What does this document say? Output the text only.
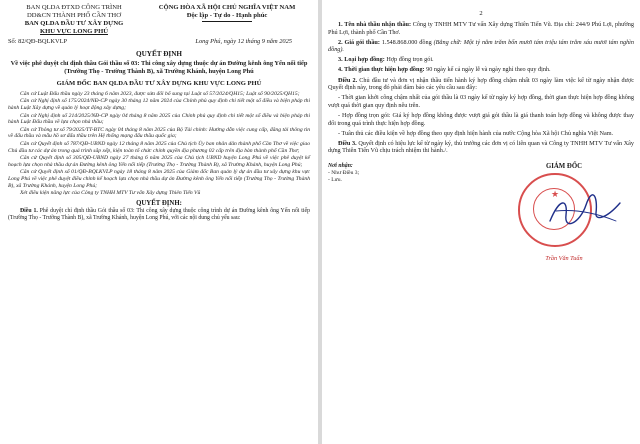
BAN QLDA ĐTXD CÔNG TRÌNH
DD&CN THÀNH PHỐ CẦN THƠ
BAN QLDA ĐẦU TƯ XÂY DỰNG
KHU VỰC LONG PHÚ
CỘNG HÒA XÃ HỘI CHỦ NGHĨA VIỆT NAM
Độc lập - Tự do - Hạnh phúc
Số: 82/QĐ-BQLKVLP	Long Phú, ngày 12 tháng 9 năm 2025
QUYẾT ĐỊNH
Về việc phê duyệt chỉ định thầu Gói thầu số 03: Thi công xây dựng thuộc dự án Đường kênh ông Yến nối tiếp (Trường Thọ - Trường Thành B), xã Trường Khánh, huyện Long Phú
GIÁM ĐỐC BAN QLDA ĐẦU TƯ XÂY DỰNG KHU VỰC LONG PHÚ

Căn cứ Luật Đấu thầu ngày 23 tháng 6 năm 2023, được sửa đổi bổ sung tại Luật số 57/2024/QH15; Luật số 90/2025/QH15;

Căn cứ Nghị định số 175/2024/NĐ-CP ngày 30 tháng 12 năm 2024 của Chính phủ quy định chi tiết một số điều và biện pháp thi hành Luật Xây dựng về quản lý hoạt động xây dựng;

Căn cứ Nghị định số 214/2025/NĐ-CP ngày 04 tháng 8 năm 2025 của Chính phủ quy định chi tiết một số điều và biện pháp thi hành Luật Đấu thầu về lựa chọn nhà thầu;

Căn cứ Thông tư số 79/2025/TT-BTC ngày 04 tháng 8 năm 2025 của Bộ Tài chính: Hướng dẫn việc cung cấp, đăng tải thông tin về đấu thầu và mẫu hồ sơ đấu thầu trên Hệ thống mạng đấu thầu quốc gia;

Căn cứ Quyết định số 787/QĐ-UBND ngày 12 tháng 8 năm 2025 của Chủ tịch Ủy ban nhân dân thành phố Cần Thơ về việc giao Chủ đầu tư các dự án trong quá trình sắp xếp, kiện toàn tổ chức chính quyền địa phương 02 cấp trên địa bàn thành phố Cần Thơ;

Căn cứ Quyết định số 305/QĐ-UBND ngày 27 tháng 6 năm 2025 của Chủ tịch UBND huyện Long Phú về việc phê duyệt kế hoạch lựa chọn nhà thầu dự án Đường kênh ông Yến nối tiếp (Trường Thọ - Trường Thành B), xã Trường Khánh, huyện Long Phú;

Căn cứ Quyết định số 01/QĐ-BQLKVLP ngày 18 tháng 8 năm 2025 của Giám đốc Ban quản lý dự án đầu tư xây dựng khu vực Long Phú về việc phê duyệt điều chỉnh kế hoạch lựa chọn nhà thầu dự án Đường kênh ông Yến nối tiếp (Trường Thọ - Trường Thành B), xã Trường Khánh, huyện Long Phú;

Xét điều kiện năng lực của Công ty TNHH MTV Tư vấn Xây dựng Thiên Tiến Vũ

QUYẾT ĐỊNH:

Điều 1. Phê duyệt chỉ định thầu Gói thầu số 03: Thi công xây dựng thuộc công trình dự án Đường kênh ông Yến nối tiếp (Trường Thọ - Trường Thành B), xã Trường Khánh, huyện Long Phú, với các nội dung chủ yếu sau:

2

1. Tên nhà thầu nhận thầu: Công ty TNHH MTV Tư vấn Xây dựng Thiên Tiến Vũ. Địa chỉ: 244/9 Phú Lợi, phường Phú Lợi, thành phố Cần Thơ.

2. Giá gói thầu: 1.548.868.000 đồng (Bằng chữ: Một tỷ năm trăm bốn mươi tám triệu tám trăm sáu mươi tám nghìn đồng).

3. Loại hợp đồng: Hợp đồng trọn gói.

4. Thời gian thực hiện hợp đồng: 90 ngày kể cả ngày lễ và ngày nghỉ theo quy định.

Điều 2. Chủ đầu tư và đơn vị nhận thầu tiến hành ký hợp đồng chậm nhất 03 ngày làm việc kể từ ngày nhận được Quyết định này, trong đó phải đảm bảo các yêu cầu sau đây:

- Thời gian khởi công chậm nhất của gói thầu là 03 ngày kể từ ngày ký hợp đồng, thời gian thực hiện hợp đồng không vượt quá thời gian quy định nêu trên.

- Hợp đồng trọn gói: Giá ký hợp đồng không được vượt giá gói thầu là giá thanh toán hợp đồng và không được thay đổi trong quá trình thực hiện hợp đồng.

- Tuân thủ các điều kiện về hợp đồng theo quy định hiện hành của nước Cộng hòa Xã hội Chủ nghĩa Việt Nam.

Điều 3. Quyết định có hiệu lực kể từ ngày ký, thủ trưởng các đơn vị có liên quan và Công ty TNHH MTV Tư vấn Xây dựng Thiên Tiến Vũ chịu trách nhiệm thi hành./.

Nơi nhận:
- Như Điều 3;
- Lưu.
GIÁM ĐỐC
★
Trần Văn Tuấn
